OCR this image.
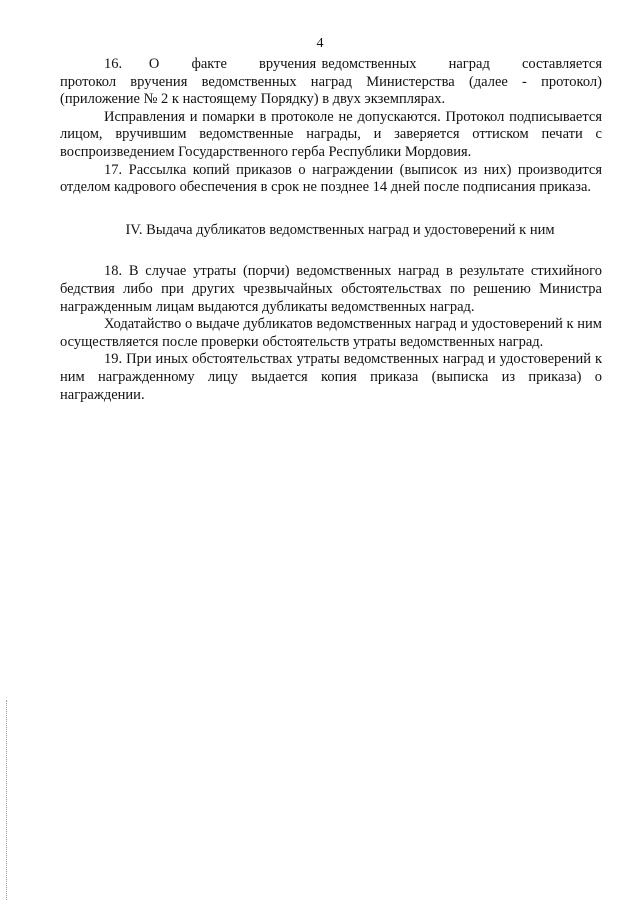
4

16.     О      факте      вручения ведомственных      наград      составляется протокол вручения ведомственных наград Министерства (далее - протокол) (приложение № 2 к настоящему Порядку) в двух экземплярах.

Исправления и помарки в протоколе не допускаются. Протокол подписывается лицом, вручившим ведомственные награды, и заверяется оттиском печати с воспроизведением Государственного герба Республики Мордовия.

17. Рассылка копий приказов о награждении (выписок из них) производится отделом кадрового обеспечения в срок не позднее 14 дней после подписания приказа.

IV. Выдача дубликатов ведомственных наград и удостоверений к ним

18. В случае утраты (порчи) ведомственных наград в результате стихийного бедствия либо при других чрезвычайных обстоятельствах по решению Министра награжденным лицам выдаются дубликаты ведомственных наград.

Ходатайство о выдаче дубликатов ведомственных наград и удостоверений к ним осуществляется после проверки обстоятельств утраты ведомственных наград.

19. При иных обстоятельствах утраты ведомственных наград и удостоверений к ним награжденному лицу выдается копия приказа (выписка из приказа) о награждении.
